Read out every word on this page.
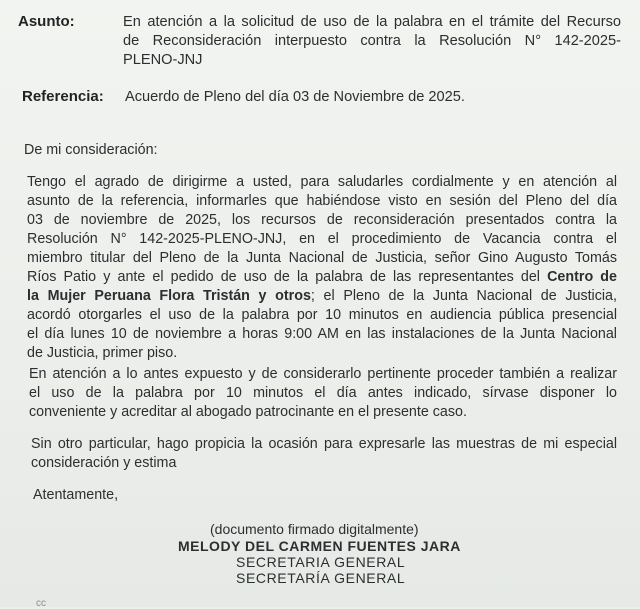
Asunto:	En atención a la solicitud de uso de la palabra en el trámite del Recurso
de Reconsideración interpuesto contra la Resolución N° 142-2025-
PLENO-JNJ
Referencia: Acuerdo de Pleno del día 03 de Noviembre de 2025.
De mi consideración:
Tengo el agrado de dirigirme a usted, para saludarles cordialmente y en atención al
asunto de la referencia, informarles que habiéndose visto en sesión del Pleno del día
03 de noviembre de 2025, los recursos de reconsideración presentados contra la
Resolución N° 142-2025-PLENO-JNJ, en el procedimiento de Vacancia contra el
miembro titular del Pleno de la Junta Nacional de Justicia, señor Gino Augusto Tomás
Ríos Patio y ante el pedido de uso de la palabra de las representantes del Centro de
la Mujer Peruana Flora Tristán y otros; el Pleno de la Junta Nacional de Justicia,
acordó otorgarles el uso de la palabra por 10 minutos en audiencia pública presencial
el día lunes 10 de noviembre a horas 9:00 AM en las instalaciones de la Junta Nacional
de Justicia, primer piso.
En atención a lo antes expuesto y de considerarlo pertinente proceder también a realizar
el uso de la palabra por 10 minutos el día antes indicado, sírvase disponer lo
conveniente y acreditar al abogado patrocinante en el presente caso.
Sin otro particular, hago propicia la ocasión para expresarle las muestras de mi especial
consideración y estima
Atentamente,
(documento firmado digitalmente)
MELODY DEL CARMEN FUENTES JARA
SECRETARIA GENERAL
SECRETARÍA GENERAL
cc
